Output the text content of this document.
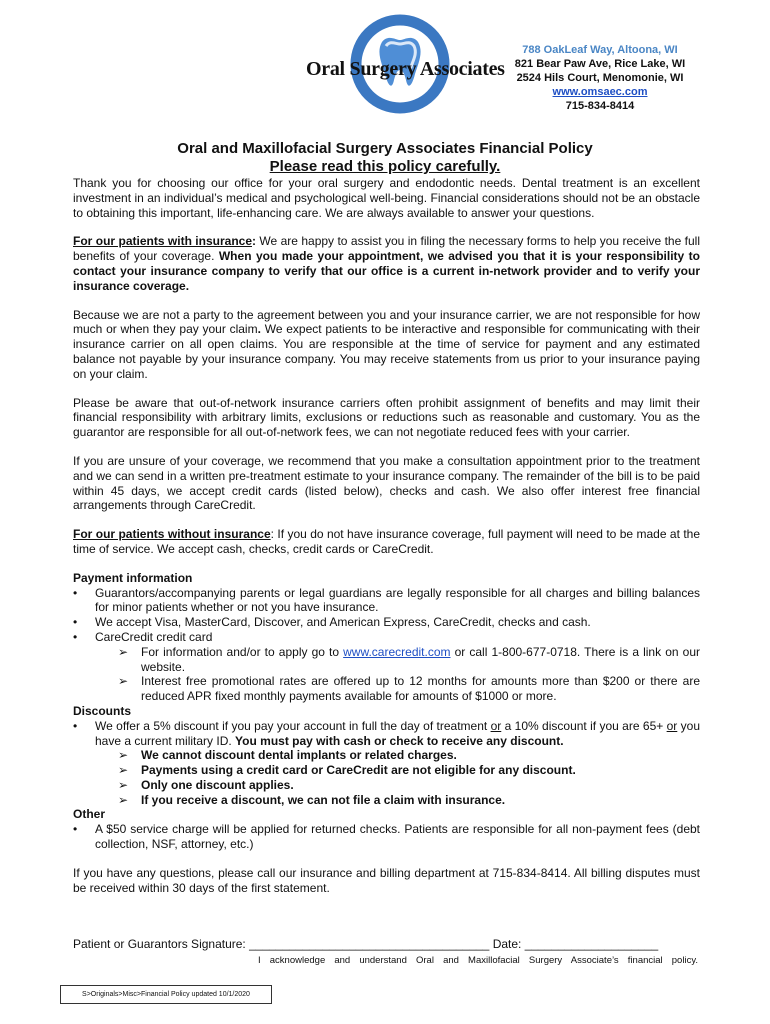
Oral Surgery Associates
788 OakLeaf Way, Altoona, WI
821 Bear Paw Ave, Rice Lake, WI
2524 Hils Court, Menomonie, WI
www.omsaec.com
715-834-8414
Oral and Maxillofacial Surgery Associates Financial Policy
Please read this policy carefully.

Thank you for choosing our office for your oral surgery and endodontic needs. Dental treatment is an excellent investment in an individual’s medical and psychological well-being. Financial considerations should not be an obstacle to obtaining this important, life-enhancing care. We are always available to answer your questions.

For our patients with insurance: We are happy to assist you in filing the necessary forms to help you receive the full benefits of your coverage. When you made your appointment, we advised you that it is your responsibility to contact your insurance company to verify that our office is a current in-network provider and to verify your insurance coverage.

Because we are not a party to the agreement between you and your insurance carrier, we are not responsible for how much or when they pay your claim. We expect patients to be interactive and responsible for communicating with their insurance carrier on all open claims. You are responsible at the time of service for payment and any estimated balance not payable by your insurance company. You may receive statements from us prior to your insurance paying on your claim.

Please be aware that out-of-network insurance carriers often prohibit assignment of benefits and may limit their financial responsibility with arbitrary limits, exclusions or reductions such as reasonable and customary. You as the guarantor are responsible for all out-of-network fees, we can not negotiate reduced fees with your carrier.

If you are unsure of your coverage, we recommend that you make a consultation appointment prior to the treatment and we can send in a written pre-treatment estimate to your insurance company. The remainder of the bill is to be paid within 45 days, we accept credit cards (listed below), checks and cash. We also offer interest free financial arrangements through CareCredit.

For our patients without insurance: If you do not have insurance coverage, full payment will need to be made at the time of service. We accept cash, checks, credit cards or CareCredit.

Payment information
• Guarantors/accompanying parents or legal guardians are legally responsible for all charges and billing balances for minor patients whether or not you have insurance.
• We accept Visa, MasterCard, Discover, and American Express, CareCredit, checks and cash.
• CareCredit credit card
➢ For information and/or to apply go to www.carecredit.com or call 1-800-677-0718. There is a link on our website.
➢ Interest free promotional rates are offered up to 12 months for amounts more than $200 or there are reduced APR fixed monthly payments available for amounts of $1000 or more.
Discounts
• We offer a 5% discount if you pay your account in full the day of treatment or a 10% discount if you are 65+ or you have a current military ID. You must pay with cash or check to receive any discount.
➢ We cannot discount dental implants or related charges.
➢ Payments using a credit card or CareCredit are not eligible for any discount.
➢ Only one discount applies.
➢ If you receive a discount, we can not file a claim with insurance.
Other
• A $50 service charge will be applied for returned checks. Patients are responsible for all non-payment fees (debt collection, NSF, attorney, etc.)

If you have any questions, please call our insurance and billing department at 715-834-8414. All billing disputes must be received within 30 days of the first statement.

Patient or Guarantors Signature: ____________________________________ Date: ____________________
I acknowledge and understand Oral and Maxillofacial Surgery Associate’s financial policy.
S>Originals>Misc>Financial Policy updated 10/1/2020
